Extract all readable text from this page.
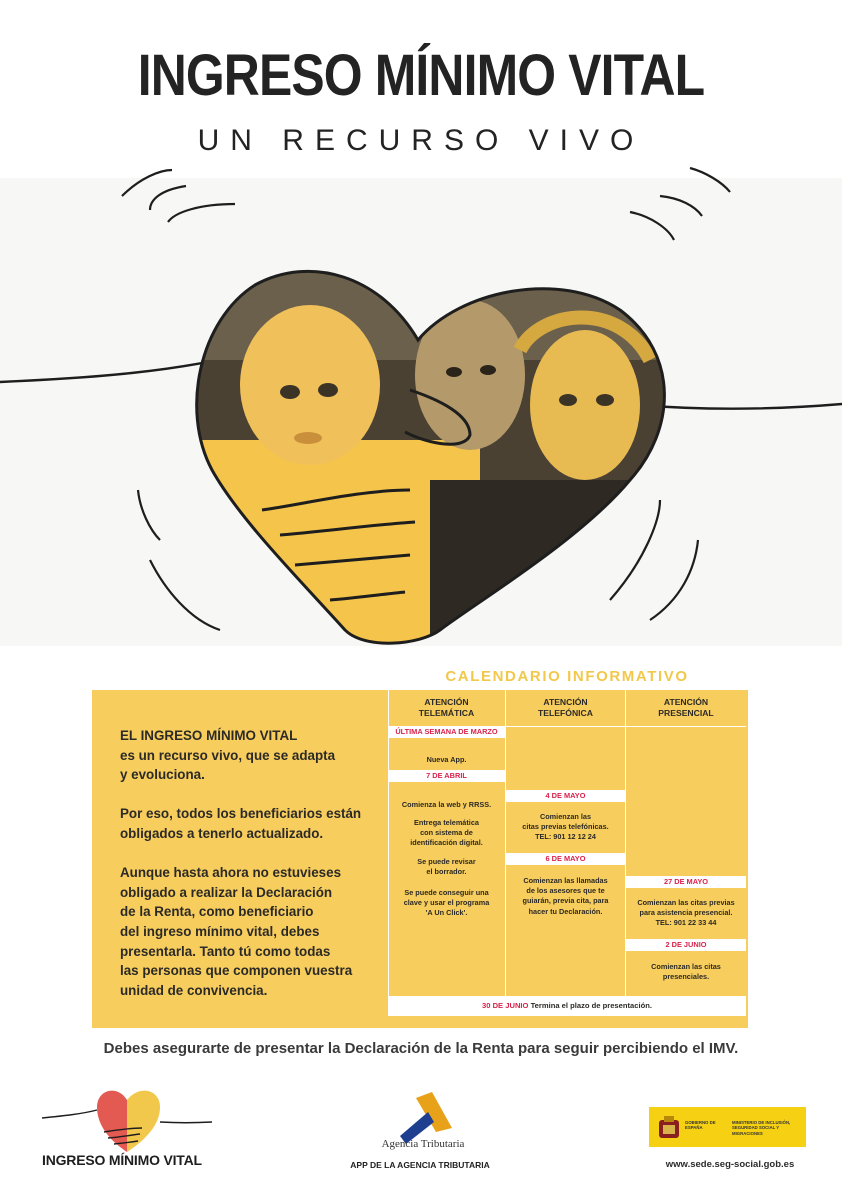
INGRESO MÍNIMO VITAL
UN RECURSO VIVO
CALENDARIO INFORMATIVO

EL INGRESO MÍNIMO VITAL
es un recurso vivo, que se adapta
y evoluciona.

Por eso, todos los beneficiarios están
obligados a tenerlo actualizado.

Aunque hasta ahora no estuvieses
obligado a realizar la Declaración
de la Renta, como beneficiario
del ingreso mínimo vital, debes
presentarla. Tanto tú como todas
las personas que componen vuestra
unidad de convivencia.

ATENCIÓN
TELEMÁTICA
ATENCIÓN
TELEFÓNICA
ATENCIÓN
PRESENCIAL
ÚLTIMA SEMANA DE MARZO
Nueva App.
7 DE ABRIL
Comienza la web y RRSS.
Entrega telemática
con sistema de
identificación digital.
Se puede revisar
el borrador.
Se puede conseguir una
clave y usar el programa
'A Un Click'.
4 DE MAYO
Comienzan las
citas previas telefónicas.
TEL: 901 12 12 24
6 DE MAYO
Comienzan las llamadas
de los asesores que te
guiarán, previa cita, para
hacer tu Declaración.
27 DE MAYO
Comienzan las citas previas
para asistencia presencial.
TEL: 901 22 33 44
2 DE JUNIO
Comienzan las citas
presenciales.
30 DE JUNIO Termina el plazo de presentación.
Debes asegurarte de presentar la Declaración de la Renta para seguir percibiendo el IMV.
INGRESO MÍNIMO VITAL
Agencia Tributaria
APP DE LA AGENCIA TRIBUTARIA
GOBIERNO DE ESPAÑA
MINISTERIO DE INCLUSIÓN, SEGURIDAD SOCIAL Y MIGRACIONES
www.sede.seg-social.gob.es
